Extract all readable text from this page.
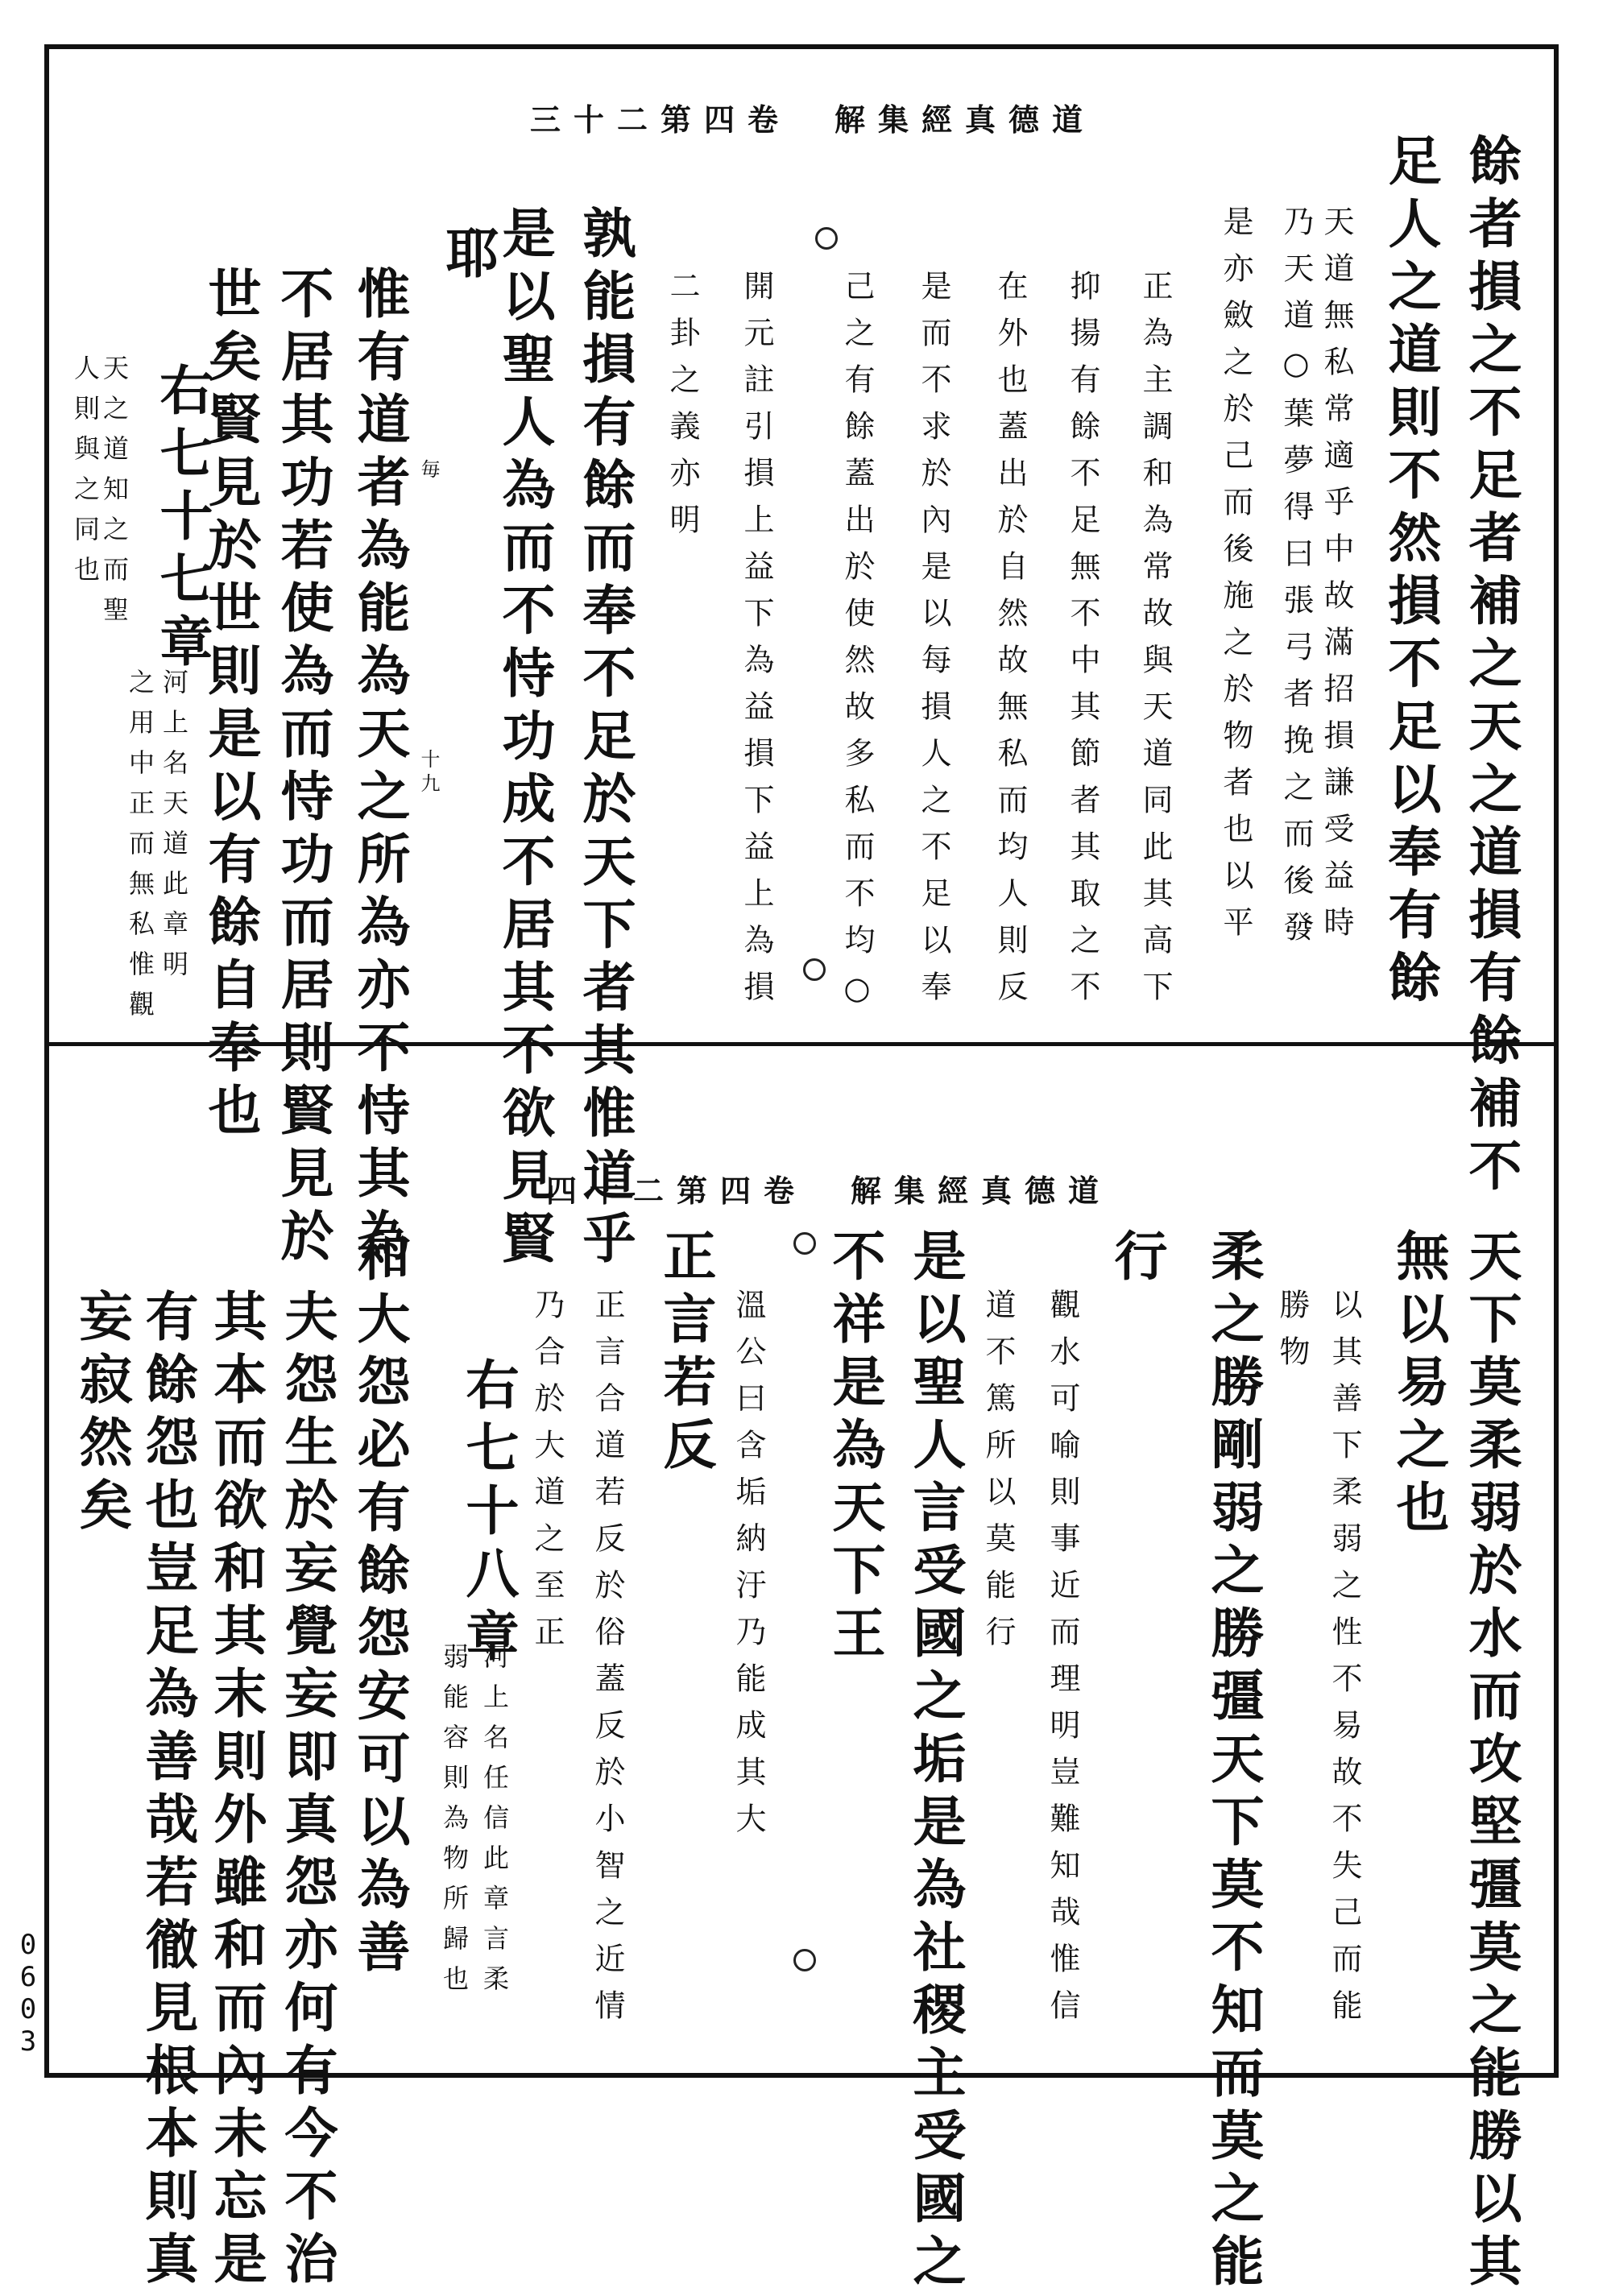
0603
道德真經集解　卷四第二十三
餘者損之不足者補之天之道損有餘補不
足人之道則不然損不足以奉有餘
天道無私常適乎中故滿招損謙受益時
乃天道○葉夢得曰張弓者挽之而後發
是亦斂之於己而後施之於物者也以平
正為主調和為常故與天道同此其高下
抑揚有餘不足無不中其節者其取之不
在外也蓋出於自然故無私而均人則反
是而不求於內是以每損人之不足以奉
己之有餘蓋出於使然故多私而不均○
開元註引損上益下為益損下益上為損
二卦之義亦明
孰能損有餘而奉不足於天下者其惟道乎
是以聖人為而不恃功成不居其不欲見賢
耶
惟有道者為能為天之所為亦不恃其為
不居其功若使為而恃功而居則賢見於
世矣賢見於世則是以有餘自奉也
右七十七章
河上名天道此章明
之用中正而無私惟觀
天之道知之而聖
人則與之同也	毎
十九
道德真經集解　卷四第二十四
天下莫柔弱於水而攻堅彊莫之能勝以其
無以易之也
以其善下柔弱之性不易故不失己而能
勝物
柔之勝剛弱之勝彊天下莫不知而莫之能
行
觀水可喻則事近而理明豈難知哉惟信
道不篤所以莫能行
是以聖人言受國之垢是為社稷主受國之
不祥是為天下王
溫公曰含垢納汙乃能成其大
正言若反
正言合道若反於俗蓋反於小智之近情
乃合於大道之至正
右七十八章
河上名任信此章言柔
弱能容則為物所歸也
和大怨必有餘怨安可以為善
夫怨生於妄覺妄即真怨亦何有今不治
其本而欲和其末則外雖和而內未忘是
有餘怨也豈足為善哉若徹見根本則真
妄寂然矣
